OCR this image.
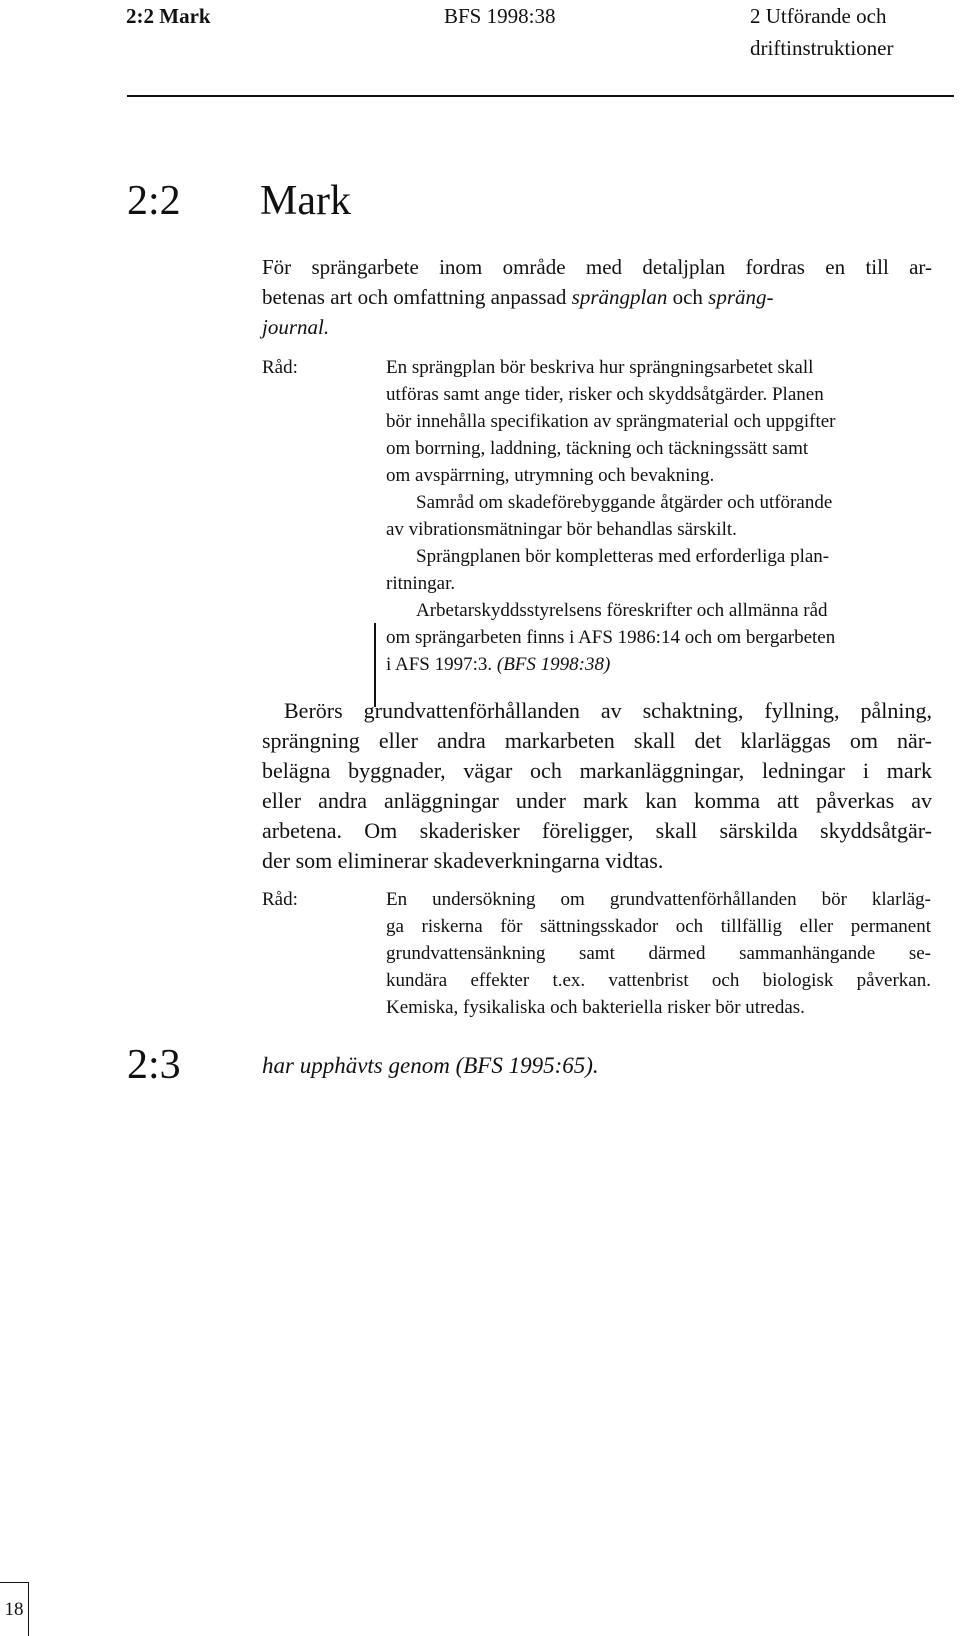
2:2 Mark	BFS 1998:38	2 Utförande och
driftinstruktioner
2:2 Mark
För sprängarbete inom område med detaljplan fordras en till ar-
betenas art och omfattning anpassad sprängplan och spräng-
journal.
Råd:	En sprängplan bör beskriva hur sprängningsarbetet skall
utföras samt ange tider, risker och skyddsåtgärder. Planen
bör innehålla specifikation av sprängmaterial och uppgifter
om borrning, laddning, täckning och täckningssätt samt
om avspärrning, utrymning och bevakning.
Samråd om skadeförebyggande åtgärder och utförande
av vibrationsmätningar bör behandlas särskilt.
Sprängplanen bör kompletteras med erforderliga plan-
ritningar.
Arbetarskyddsstyrelsens föreskrifter och allmänna råd
om sprängarbeten finns i AFS 1986:14 och om bergarbeten
i AFS 1997:3. (BFS 1998:38)
Berörs grundvattenförhållanden av schaktning, fyllning, pålning,
sprängning eller andra markarbeten skall det klarläggas om när-
belägna byggnader, vägar och markanläggningar, ledningar i mark
eller andra anläggningar under mark kan komma att påverkas av
arbetena. Om skaderisker föreligger, skall särskilda skyddsåtgär-
der som eliminerar skadeverkningarna vidtas.
Råd:	En undersökning om grundvattenförhållanden bör klarläg-
ga riskerna för sättningsskador och tillfällig eller permanent
grundvattensänkning samt därmed sammanhängande se-
kundära effekter t.ex. vattenbrist och biologisk påverkan.
Kemiska, fysikaliska och bakteriella risker bör utredas.
2:3	har upphävts genom (BFS 1995:65).
18
